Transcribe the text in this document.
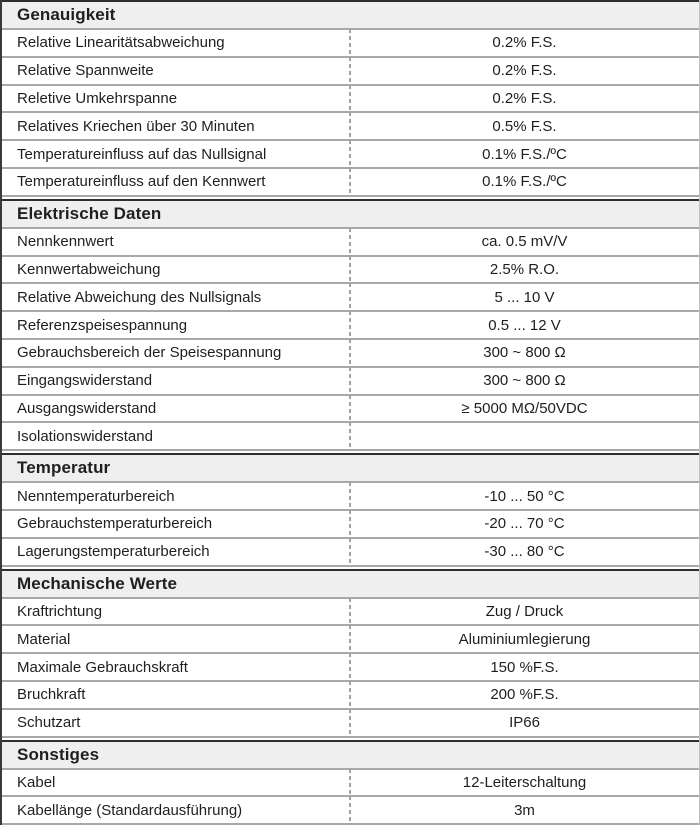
Genauigkeit
Relative Linearitätsabweichung	0.2% F.S.
Relative Spannweite	0.2% F.S.
Reletive Umkehrspanne	0.2% F.S.
Relatives Kriechen über 30 Minuten	0.5% F.S.
Temperatureinfluss auf das Nullsignal	0.1% F.S./ºC
Temperatureinfluss auf den Kennwert	0.1% F.S./ºC
Elektrische Daten
Nennkennwert	ca. 0.5 mV/V
Kennwertabweichung	2.5% R.O.
Relative Abweichung des Nullsignals	5 ... 10 V
Referenzspeisespannung	0.5 ... 12 V
Gebrauchsbereich der Speisespannung	300 ~ 800 Ω
Eingangswiderstand	300 ~ 800 Ω
Ausgangswiderstand	≥ 5000 MΩ/50VDC
Isolationswiderstand
Temperatur
Nenntemperaturbereich	-10 ... 50 °C
Gebrauchstemperaturbereich	-20 ... 70 °C
Lagerungstemperaturbereich	-30 ... 80 °C
Mechanische Werte
Kraftrichtung	Zug / Druck
Material	Aluminiumlegierung
Maximale Gebrauchskraft	150 %F.S.
Bruchkraft	200 %F.S.
Schutzart	IP66
Sonstiges
Kabel	12-Leiterschaltung
Kabellänge (Standardausführung)	3m
